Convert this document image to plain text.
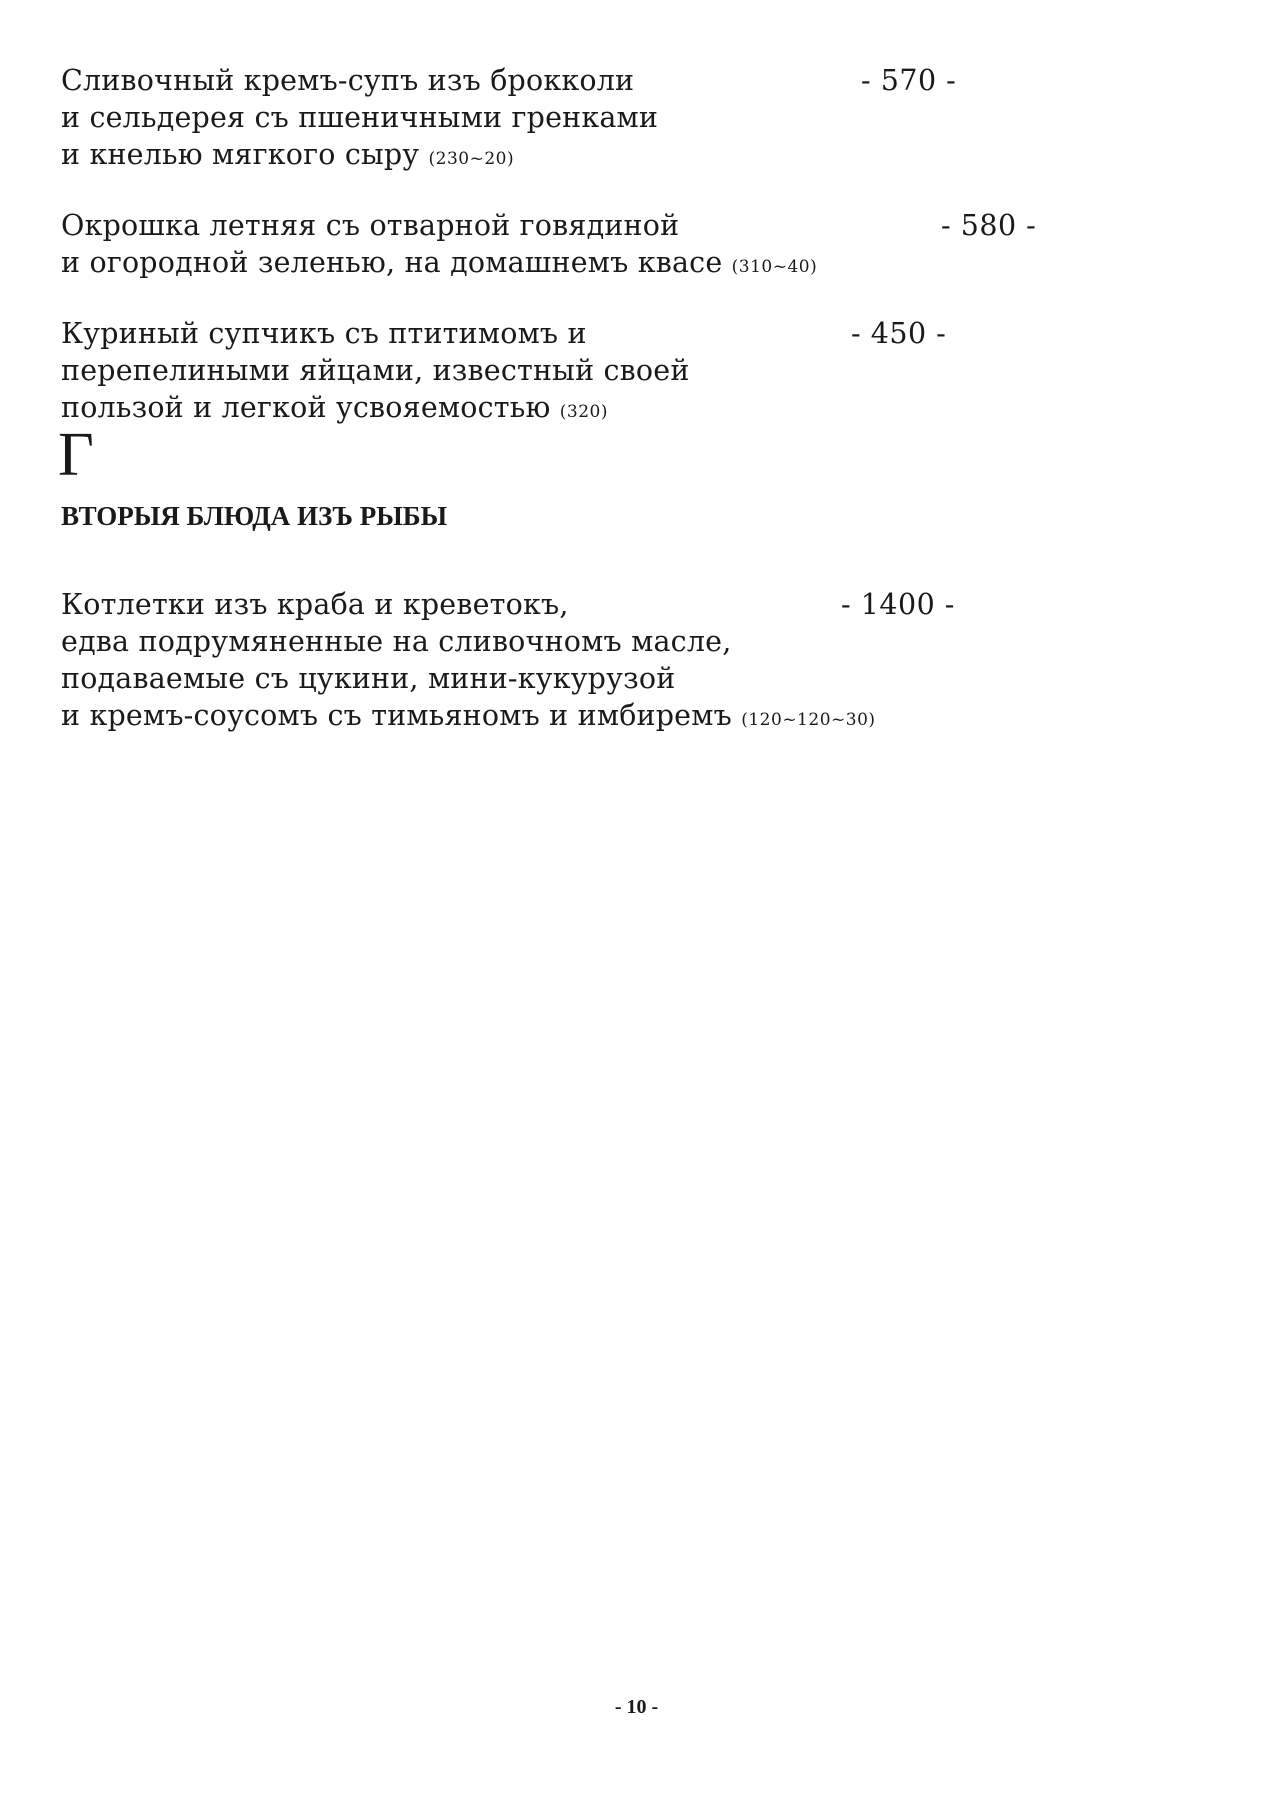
Сливочный кремъ-супъ изъ брокколи
и сельдерея съ пшеничными гренками
и кнелью мягкого сыру (230~20)
- 570 -
Окрошка летняя съ отварной говядиной
и огородной зеленью, на домашнемъ квасе (310~40)
- 580 -
Куриный супчикъ съ птитимомъ и
перепелиными яйцами, известный своей
пользой и легкой усвояемостью (320)
- 450 -
Г
ВТОРЫЯ БЛЮДА ИЗЪ РЫБЫ
Котлетки изъ краба и креветокъ,
едва подрумяненные на сливочномъ масле,
подаваемые съ цукини, мини-кукурузой
и кремъ-соусомъ съ тимьяномъ и имбиремъ (120~120~30)
- 1400 -
- 10 -
